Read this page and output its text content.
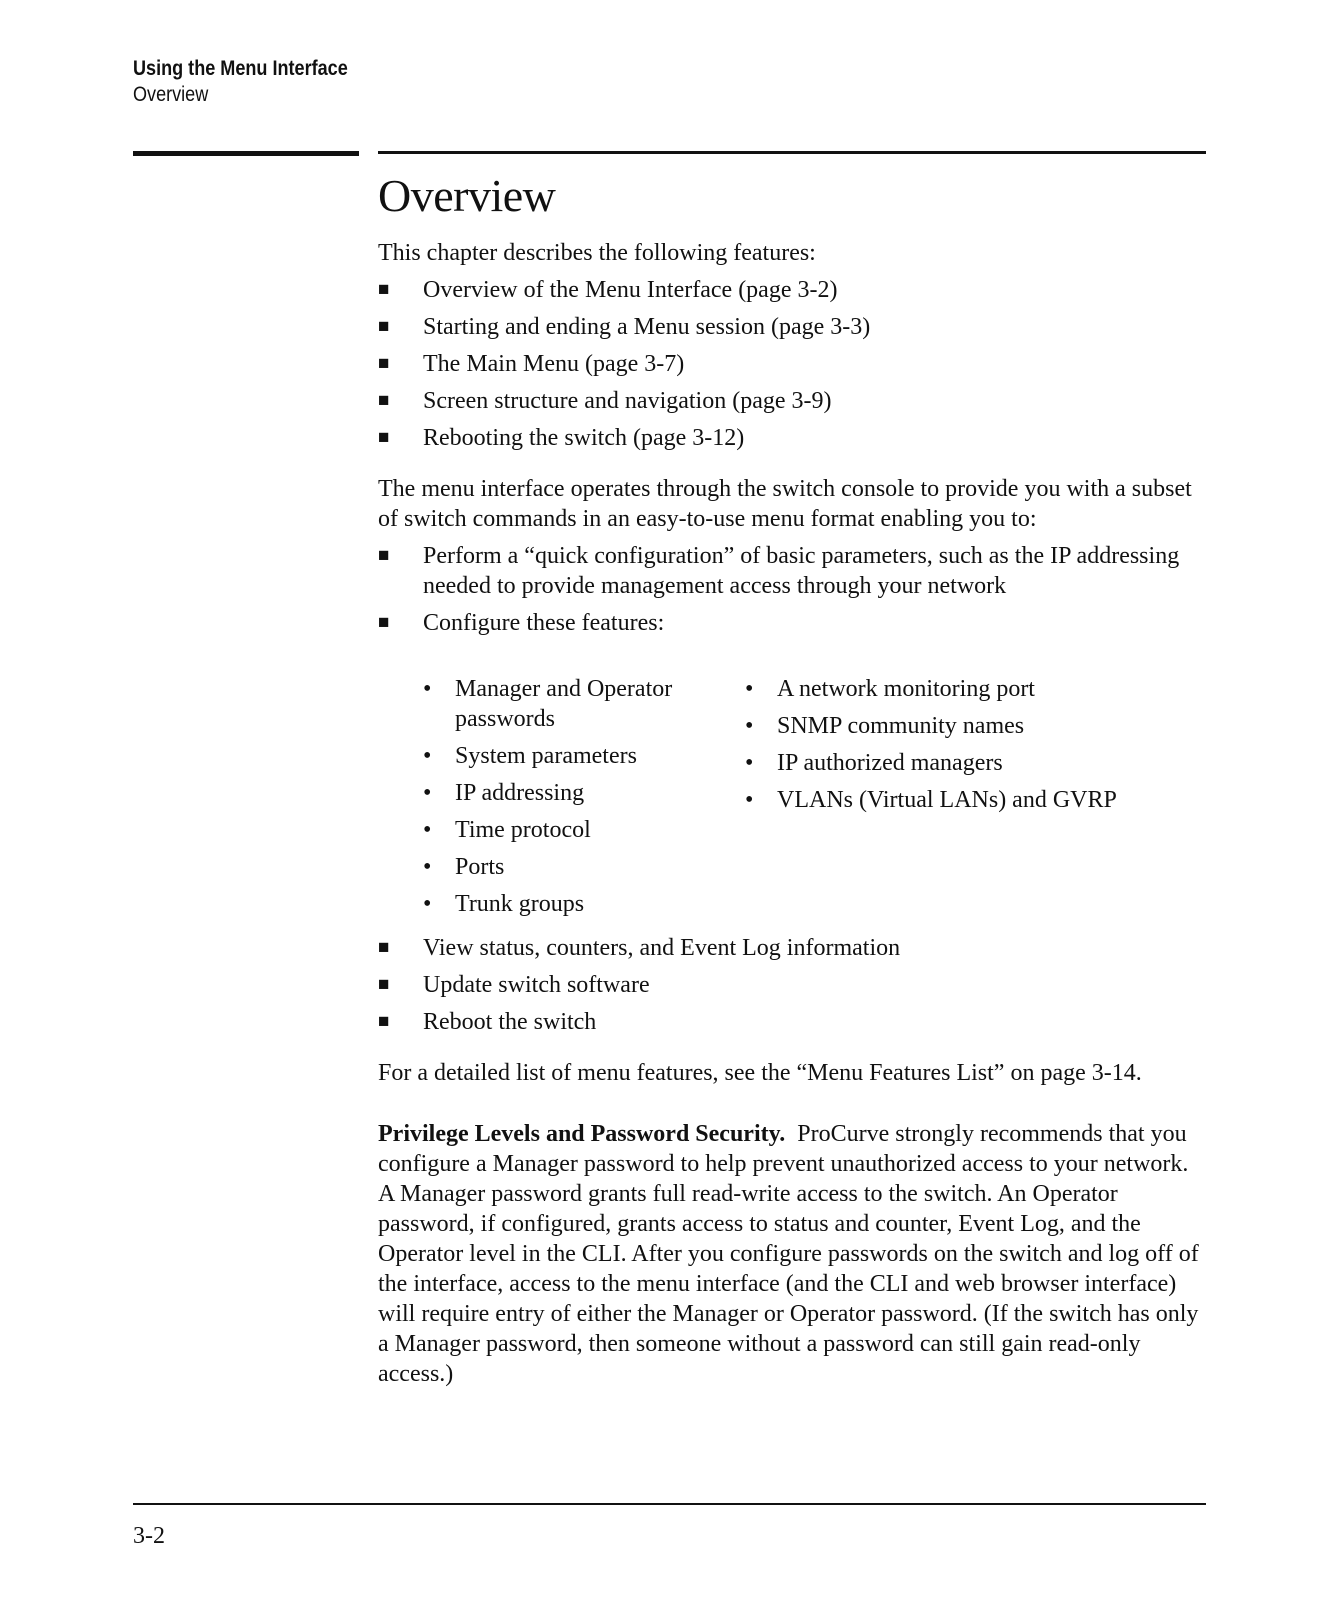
Using the Menu Interface
Overview
Overview

This chapter describes the following features:

■ Overview of the Menu Interface (page 3-2)
■ Starting and ending a Menu session (page 3-3)
■ The Main Menu (page 3-7)
■ Screen structure and navigation (page 3-9)
■ Rebooting the switch (page 3-12)

The menu interface operates through the switch console to provide you with a subset of switch commands in an easy-to-use menu format enabling you to:

■ Perform a “quick configuration” of basic parameters, such as the IP addressing needed to provide management access through your network
■ Configure these features:
• Manager and Operator passwords
• System parameters
• IP addressing
• Time protocol
• Ports
• Trunk groups
• A network monitoring port
• SNMP community names
• IP authorized managers
• VLANs (Virtual LANs) and GVRP
■ View status, counters, and Event Log information
■ Update switch software
■ Reboot the switch

For a detailed list of menu features, see the “Menu Features List” on page 3-14.

Privilege Levels and Password Security. ProCurve strongly recommends that you configure a Manager password to help prevent unauthorized access to your network. A Manager password grants full read-write access to the switch. An Operator password, if configured, grants access to status and counter, Event Log, and the Operator level in the CLI. After you configure passwords on the switch and log off of the interface, access to the menu interface (and the CLI and web browser interface) will require entry of either the Manager or Operator password. (If the switch has only a Manager password, then someone without a password can still gain read-only access.)

3-2
